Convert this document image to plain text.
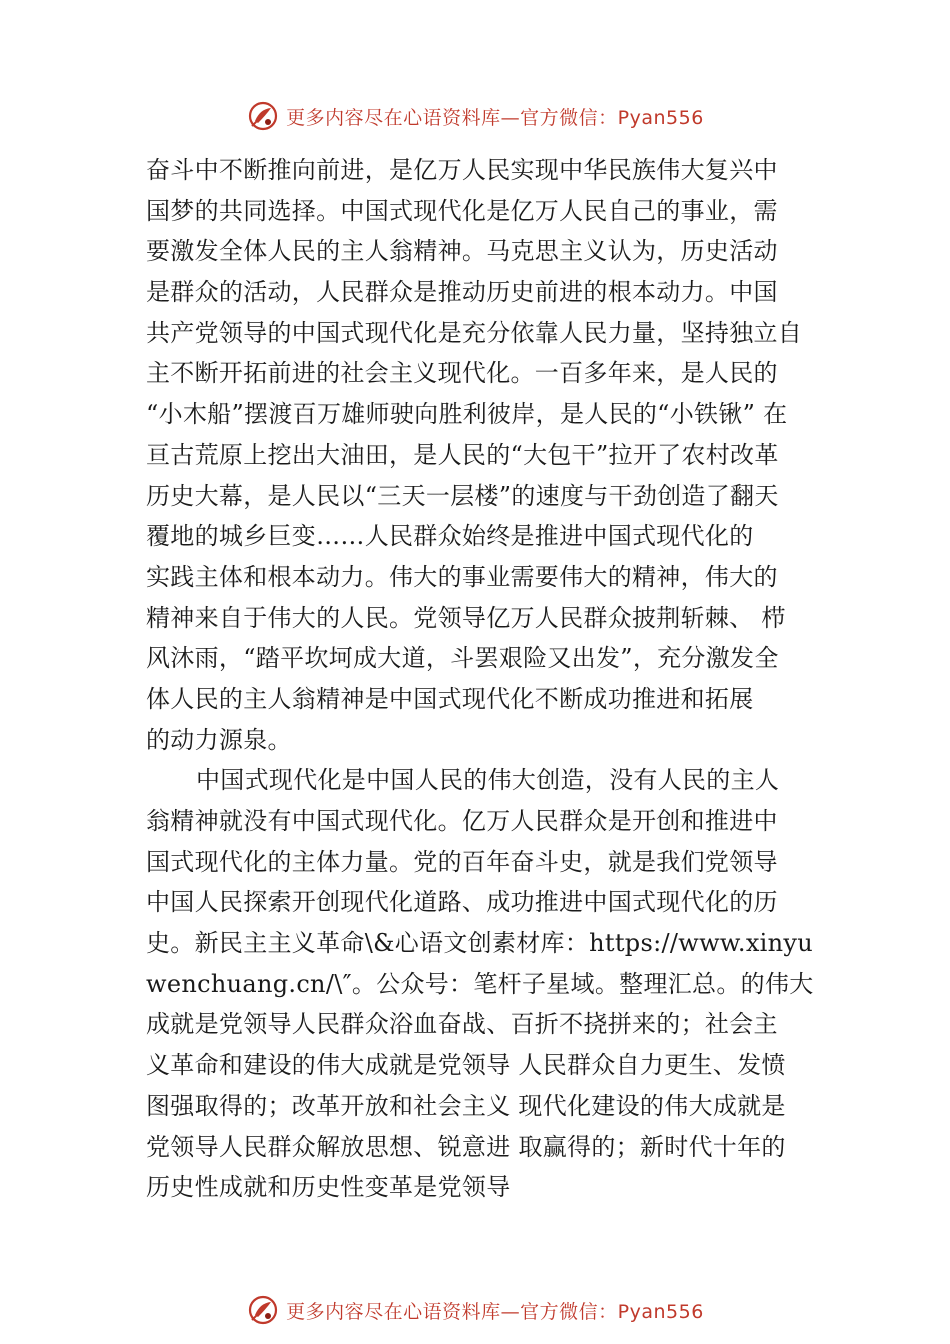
更多内容尽在心语资料库—官方微信：Pyan556
奋斗中不断推向前进，是亿万人民实现中华民族伟大复兴中
国梦的共同选择。中国式现代化是亿万人民自己的事业，需
要激发全体人民的主人翁精神。马克思主义认为，历史活动
是群众的活动，人民群众是推动历史前进的根本动力。中国
共产党领导的中国式现代化是充分依靠人民力量，坚持独立自
主不断开拓前进的社会主义现代化。一百多年来，是人民的
“小木船”摆渡百万雄师驶向胜利彼岸，是人民的“小铁锹” 在
亘古荒原上挖出大油田，是人民的“大包干”拉开了农村改革
历史大幕，是人民以“三天一层楼”的速度与干劲创造了翻天
覆地的城乡巨变……人民群众始终是推进中国式现代化的
实践主体和根本动力。伟大的事业需要伟大的精神，伟大的
精神来自于伟大的人民。党领导亿万人民群众披荆斩棘、 栉
风沐雨，“踏平坎坷成大道，斗罢艰险又出发”，充分激发全
体人民的主人翁精神是中国式现代化不断成功推进和拓展
的动力源泉。
中国式现代化是中国人民的伟大创造，没有人民的主人
翁精神就没有中国式现代化。亿万人民群众是开创和推进中
国式现代化的主体力量。党的百年奋斗史，就是我们党领导
中国人民探索开创现代化道路、成功推进中国式现代化的历
史。新民主主义革命\&心语文创素材库：https://www.xinyu
wenchuang.cn/\″。公众号：笔杆子星域。整理汇总。的伟大
成就是党领导人民群众浴血奋战、百折不挠拼来的；社会主
义革命和建设的伟大成就是党领导 人民群众自力更生、发愤
图强取得的；改革开放和社会主义 现代化建设的伟大成就是
党领导人民群众解放思想、锐意进 取赢得的；新时代十年的
历史性成就和历史性变革是党领导
更多内容尽在心语资料库—官方微信：Pyan556
